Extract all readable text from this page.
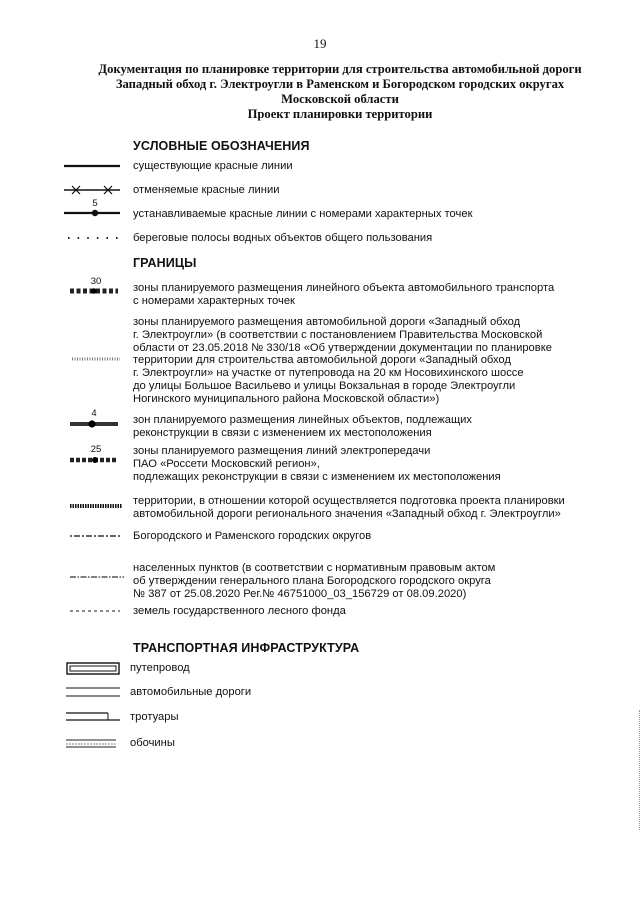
19
Документация по планировке территории для строительства автомобильной дороги
Западный обход г. Электроугли в Раменском и Богородском городских округах
Московской области
Проект планировки территории
УСЛОВНЫЕ ОБОЗНАЧЕНИЯ
существующие красные линии
отменяемые красные линии
5
устанавливаемые красные линии с номерами характерных точек
береговые полосы водных объектов общего пользования
ГРАНИЦЫ
30
зоны планируемого размещения линейного объекта автомобильного транспорта
с номерами характерных точек
зоны планируемого размещения автомобильной дороги «Западный обход
г. Электроугли» (в соответствии с постановлением Правительства Московской
области от 23.05.2018 № 330/18 «Об утверждении документации по планировке
территории для строительства автомобильной дороги «Западный обход
г. Электроугли» на участке от путепровода на 20 км Носовихинского шоссе
до улицы Большое Васильево и улицы Вокзальная в городе Электроугли
Ногинского муниципального района Московской области»)
4
зон планируемого размещения линейных объектов, подлежащих
реконструкции в связи с изменением их местоположения
25	зоны планируемого размещения линий электропередачи
ПАО «Россети Московский регион»,
подлежащих реконструкции в связи с изменением их местоположения
территории, в отношении которой осуществляется подготовка проекта планировки
автомобильной дороги регионального значения «Западный обход г. Электроугли»
Богородского и Раменского городских округов
населенных пунктов (в соответствии с нормативным правовым актом
об утверждении генерального плана Богородского городского округа
№ 387 от 25.08.2020 Рег.№ 46751000_03_156729 от 08.09.2020)
земель государственного лесного фонда
ТРАНСПОРТНАЯ ИНФРАСТРУКТУРА
путепровод
автомобильные дороги
тротуары
обочины
